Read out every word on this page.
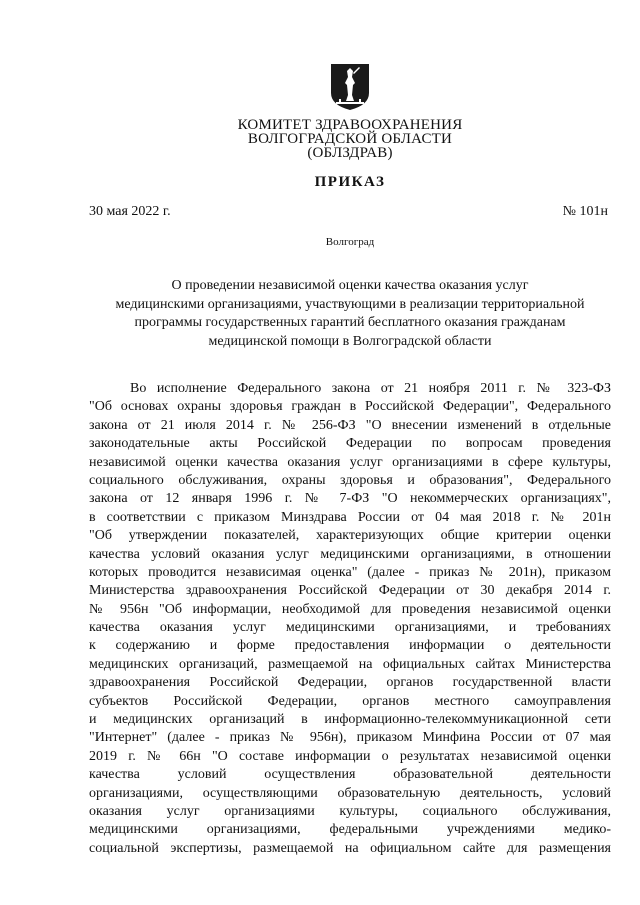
КОМИТЕТ ЗДРАВООХРАНЕНИЯ
ВОЛГОГРАДСКОЙ ОБЛАСТИ
(ОБЛЗДРАВ)
ПРИКАЗ
30 мая 2022 г.	№ 101н
Волгоград
О проведении независимой оценки качества оказания услуг
медицинскими организациями, участвующими в реализации территориальной
программы государственных гарантий бесплатного оказания гражданам
медицинской помощи в Волгоградской области
Во исполнение Федерального закона от 21 ноября 2011 г. № 323-ФЗ
"Об основах охраны здоровья граждан в Российской Федерации", Федерального
закона от 21 июля 2014 г. № 256-ФЗ "О внесении изменений в отдельные
законодательные акты Российской Федерации по вопросам проведения
независимой оценки качества оказания услуг организациями в сфере культуры,
социального обслуживания, охраны здоровья и образования", Федерального
закона от 12 января 1996 г. № 7-ФЗ "О некоммерческих организациях",
в соответствии с приказом Минздрава России от 04 мая 2018 г. № 201н
"Об утверждении показателей, характеризующих общие критерии оценки
качества условий оказания услуг медицинскими организациями, в отношении
которых проводится независимая оценка" (далее - приказ № 201н), приказом
Министерства здравоохранения Российской Федерации от 30 декабря 2014 г.
№ 956н "Об информации, необходимой для проведения независимой оценки
качества оказания услуг медицинскими организациями, и требованиях
к содержанию и форме предоставления информации о деятельности
медицинских организаций, размещаемой на официальных сайтах Министерства
здравоохранения Российской Федерации, органов государственной власти
субъектов Российской Федерации, органов местного самоуправления
и медицинских организаций в информационно-телекоммуникационной сети
"Интернет" (далее - приказ № 956н), приказом Минфина России от 07 мая
2019 г. № 66н "О составе информации о результатах независимой оценки
качества условий осуществления образовательной деятельности
организациями, осуществляющими образовательную деятельность, условий
оказания услуг организациями культуры, социального обслуживания,
медицинскими организациями, федеральными учреждениями медико-
социальной экспертизы, размещаемой на официальном сайте для размещения
